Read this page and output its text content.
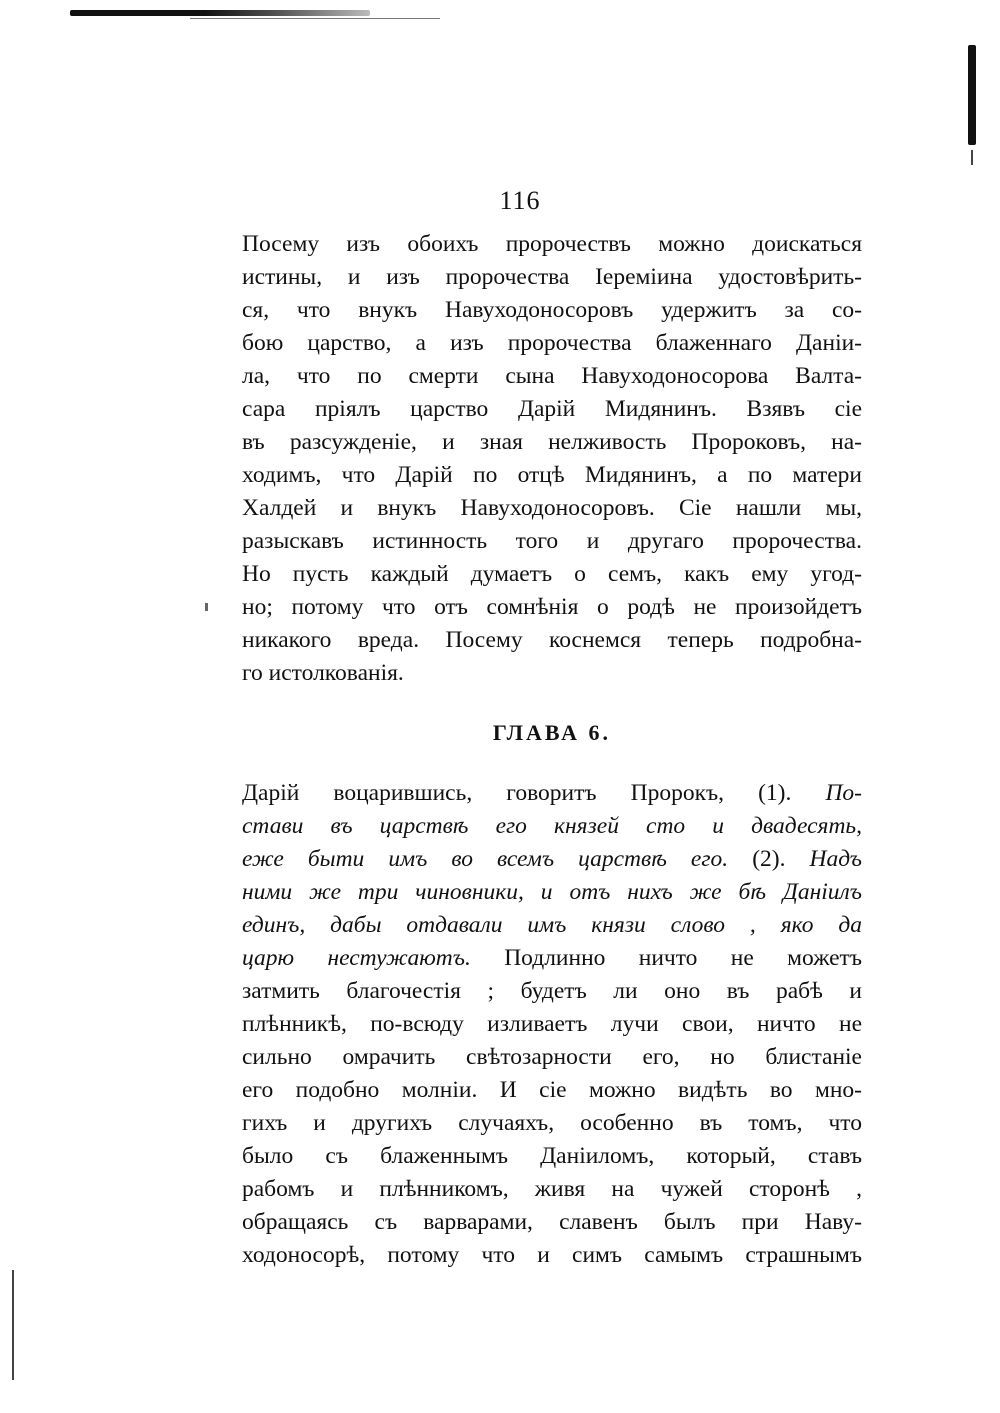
116
Посему изъ обоихъ пророчествъ можно доискаться
истины, и изъ пророчества Іереміина удостовѣрить-
ся, что внукъ Навуходоносоровъ удержитъ за со-
бою царство, а изъ пророчества блаженнаго Даніи-
ла, что по смерти сына Навуходоносорова Валта-
сара пріялъ царство Дарій Мидянинъ. Взявъ сіе
въ разсужденіе, и зная нелживость Пророковъ, на-
ходимъ, что Дарій по отцѣ Мидянинъ, а по матери
Халдей и внукъ Навуходоносоровъ. Сіе нашли мы,
разыскавъ истинность того и другаго пророчества.
Но пусть каждый думаетъ о семъ, какъ ему угод-
но; потому что отъ сомнѣнія о родѣ не произойдетъ
никакого вреда. Посему коснемся теперь подробна-
го истолкованія.
ГЛАВА 6.
Дарій воцарившись, говоритъ Пророкъ, (1). По-
стави въ царствѣ его князей сто и двадесять,
еже быти имъ во всемъ царствѣ его. (2). Надъ
ними же три чиновники, и отъ нихъ же бѣ Даніилъ
единъ, дабы отдавали имъ князи слово , яко да
царю нестужаютъ. Подлинно ничто не можетъ
затмить благочестія ; будетъ ли оно въ рабѣ и
плѣнникѣ, по-всюду изливаетъ лучи свои, ничто не
сильно омрачить свѣтозарности его, но блистаніе
его подобно молніи. И сіе можно видѣть во мно-
гихъ и другихъ случаяхъ, особенно въ томъ, что
было съ блаженнымъ Даніиломъ, который, ставъ
рабомъ и плѣнникомъ, живя на чужей сторонѣ ,
обращаясь съ варварами, славенъ былъ при Наву-
ходоносорѣ, потому что и симъ самымъ страшнымъ
